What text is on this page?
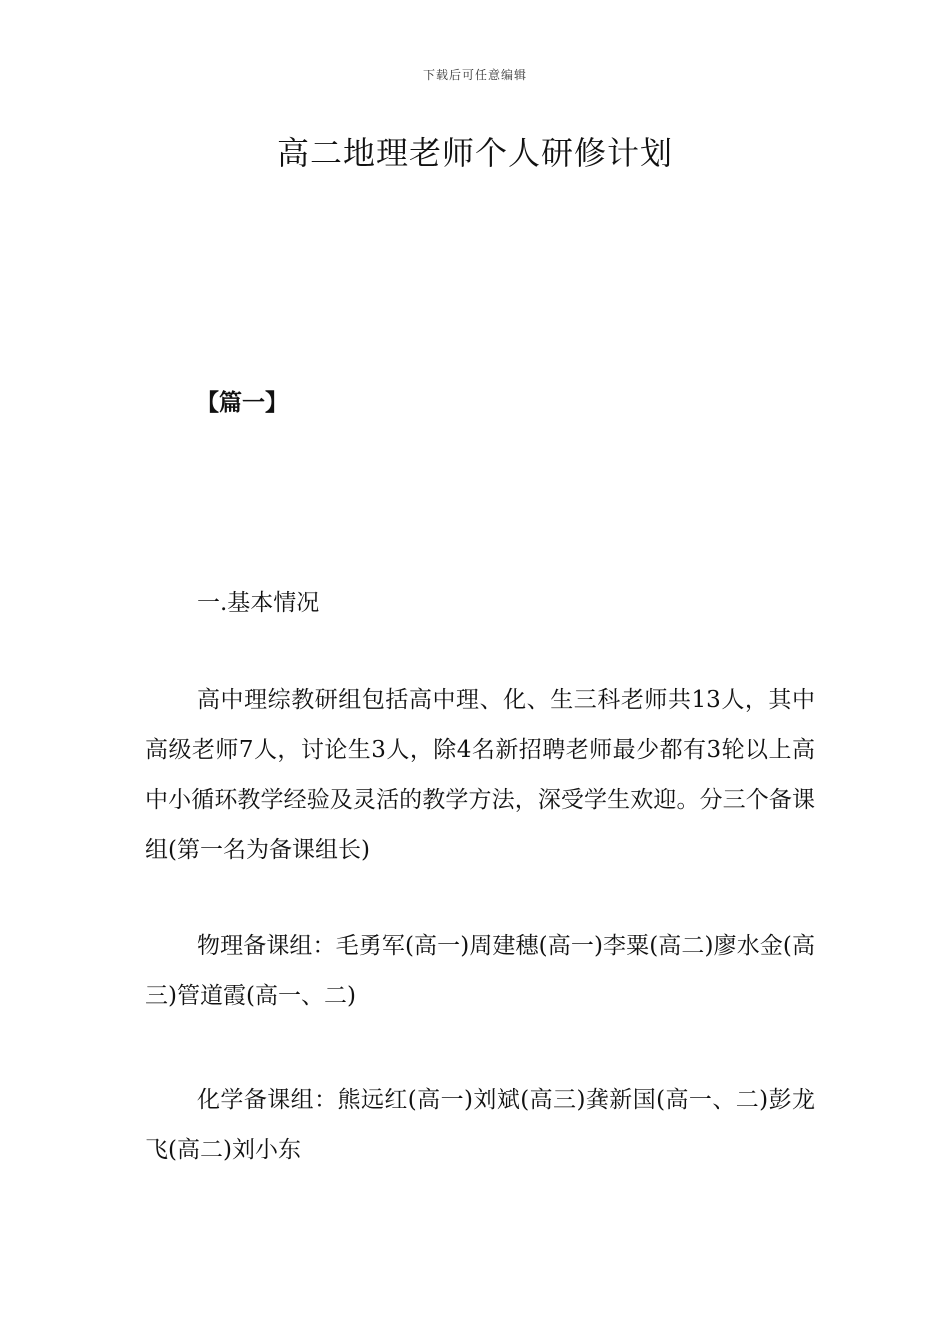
下载后可任意编辑
高二地理老师个人研修计划
【篇一】

一.基本情况

高中理综教研组包括高中理、化、生三科老师共13人，其中高级老师7人，讨论生3人，除4名新招聘老师最少都有3轮以上高中小循环教学经验及灵活的教学方法，深受学生欢迎。分三个备课组(第一名为备课组长)

物理备课组：毛勇军(高一)周建穗(高一)李粟(高二)廖水金(高三)管道霞(高一、二)

化学备课组：熊远红(高一)刘斌(高三)龚新国(高一、二)彭龙飞(高二)刘小东
